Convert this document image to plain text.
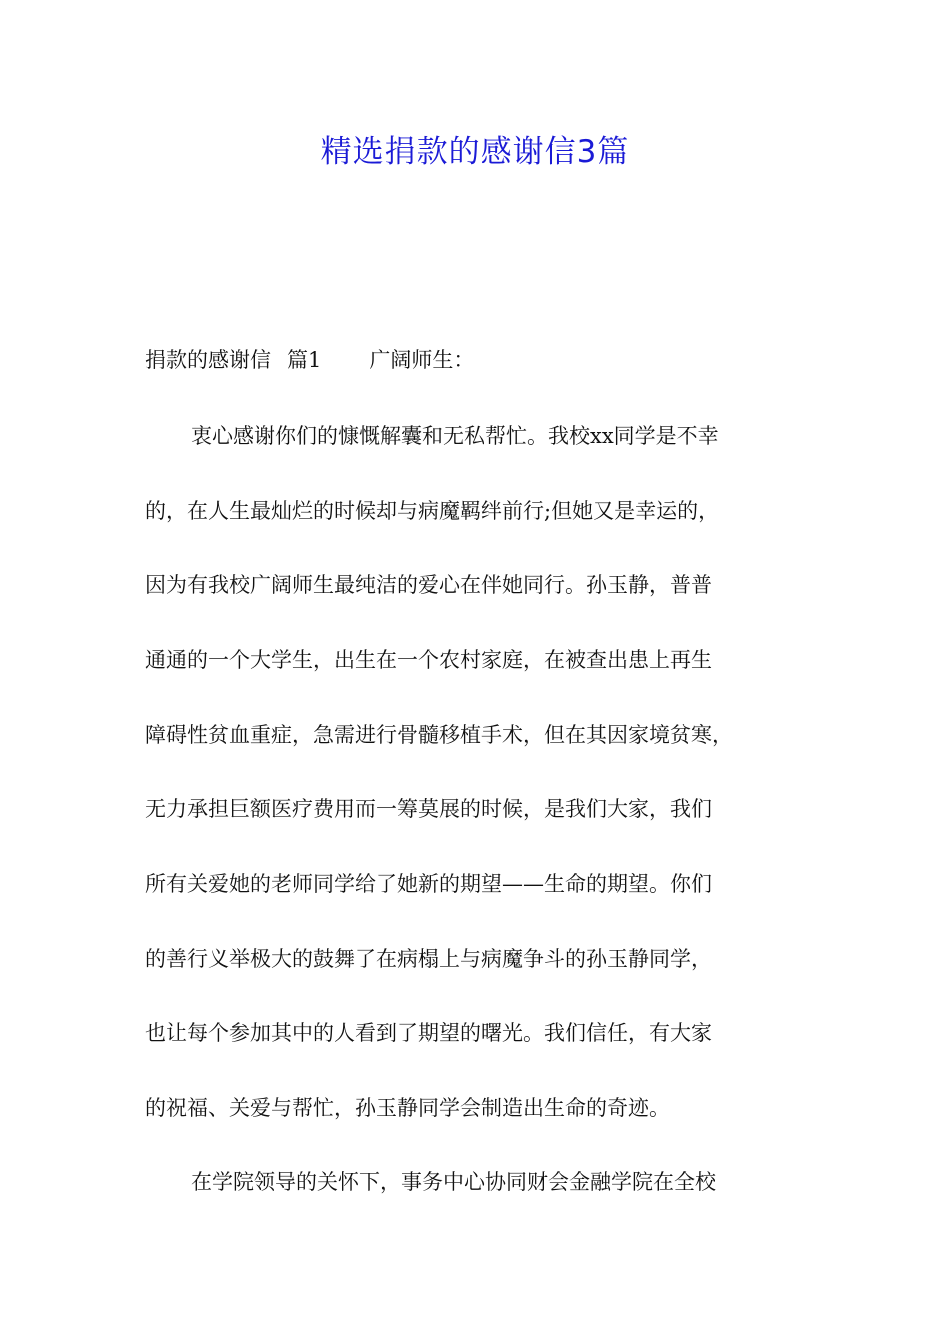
精选捐款的感谢信3篇

捐款的感谢信 篇1 广阔师生：

衷心感谢你们的慷慨解囊和无私帮忙。我校xx同学是不幸

的，在人生最灿烂的时候却与病魔羁绊前行;但她又是幸运的，

因为有我校广阔师生最纯洁的爱心在伴她同行。孙玉静，普普

通通的一个大学生，出生在一个农村家庭，在被查出患上再生

障碍性贫血重症，急需进行骨髓移植手术，但在其因家境贫寒，

无力承担巨额医疗费用而一筹莫展的时候，是我们大家，我们

所有关爱她的老师同学给了她新的期望——生命的期望。你们

的善行义举极大的鼓舞了在病榻上与病魔争斗的孙玉静同学，

也让每个参加其中的人看到了期望的曙光。我们信任，有大家

的祝福、关爱与帮忙，孙玉静同学会制造出生命的奇迹。

在学院领导的关怀下，事务中心协同财会金融学院在全校
